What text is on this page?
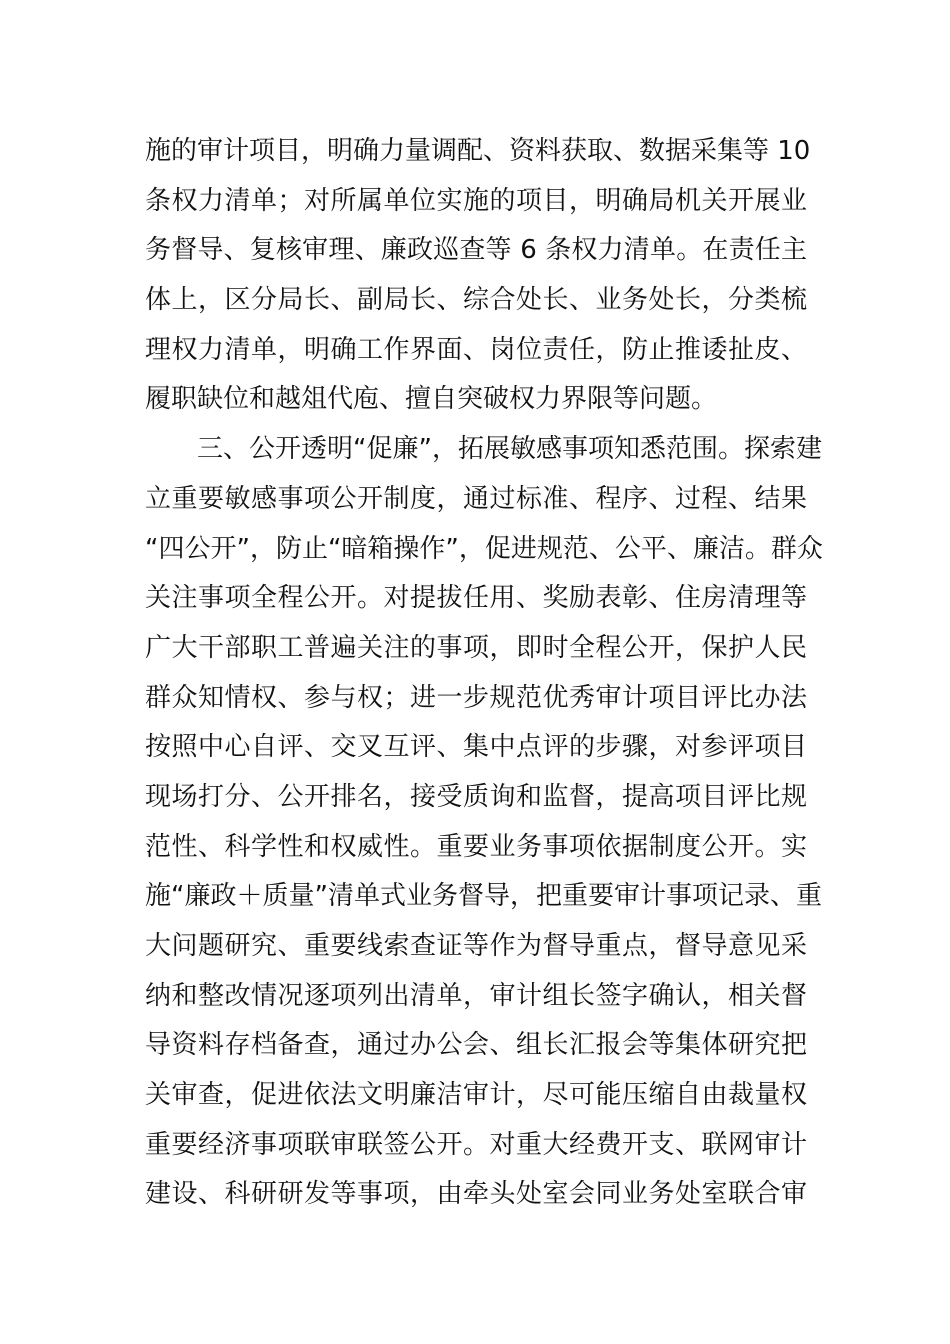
施的审计项目，明确力量调配、资料获取、数据采集等 10
条权力清单；对所属单位实施的项目，明确局机关开展业
务督导、复核审理、廉政巡查等 6 条权力清单。在责任主
体上，区分局长、副局长、综合处长、业务处长，分类梳
理权力清单，明确工作界面、岗位责任，防止推诿扯皮、
履职缺位和越俎代庖、擅自突破权力界限等问题。
三、公开透明“促廉”，拓展敏感事项知悉范围。探索建
立重要敏感事项公开制度，通过标准、程序、过程、结果
“四公开”，防止“暗箱操作”，促进规范、公平、廉洁。群众
关注事项全程公开。对提拔任用、奖励表彰、住房清理等
广大干部职工普遍关注的事项，即时全程公开，保护人民
群众知情权、参与权；进一步规范优秀审计项目评比办法
按照中心自评、交叉互评、集中点评的步骤，对参评项目
现场打分、公开排名，接受质询和监督，提高项目评比规
范性、科学性和权威性。重要业务事项依据制度公开。实
施“廉政＋质量”清单式业务督导，把重要审计事项记录、重
大问题研究、重要线索查证等作为督导重点，督导意见采
纳和整改情况逐项列出清单，审计组长签字确认，相关督
导资料存档备查，通过办公会、组长汇报会等集体研究把
关审查，促进依法文明廉洁审计，尽可能压缩自由裁量权
重要经济事项联审联签公开。对重大经费开支、联网审计
建设、科研研发等事项，由牵头处室会同业务处室联合审
